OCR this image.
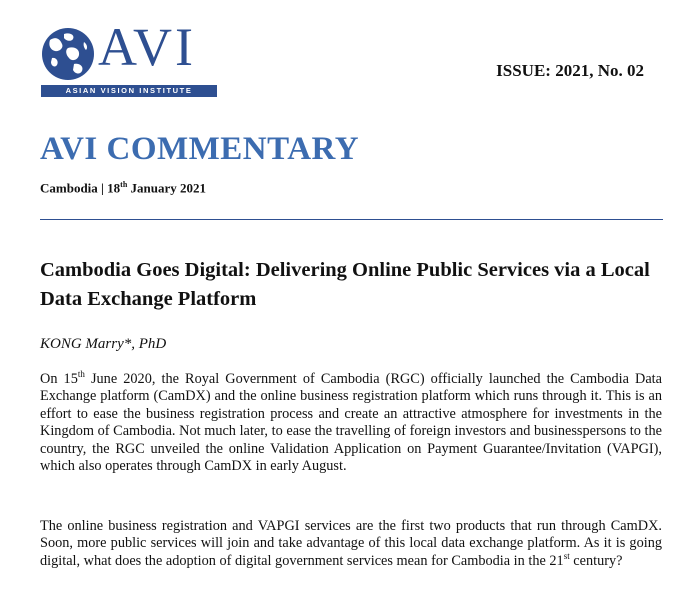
AVI
ASIAN VISION INSTITUTE
ISSUE: 2021, No. 02
AVI COMMENTARY
Cambodia | 18th January 2021
Cambodia Goes Digital: Delivering Online Public Services via a Local Data Exchange Platform
KONG Marry*, PhD

On 15th June 2020, the Royal Government of Cambodia (RGC) officially launched the Cambodia Data Exchange platform (CamDX) and the online business registration platform which runs through it. This is an effort to ease the business registration process and create an attractive atmosphere for investments in the Kingdom of Cambodia. Not much later, to ease the travelling of foreign investors and businesspersons to the country, the RGC unveiled the online Validation Application on Payment Guarantee/Invitation (VAPGI), which also operates through CamDX in early August.

The online business registration and VAPGI services are the first two products that run through CamDX. Soon, more public services will join and take advantage of this local data exchange platform. As it is going digital, what does the adoption of digital government services mean for Cambodia in the 21st century?
